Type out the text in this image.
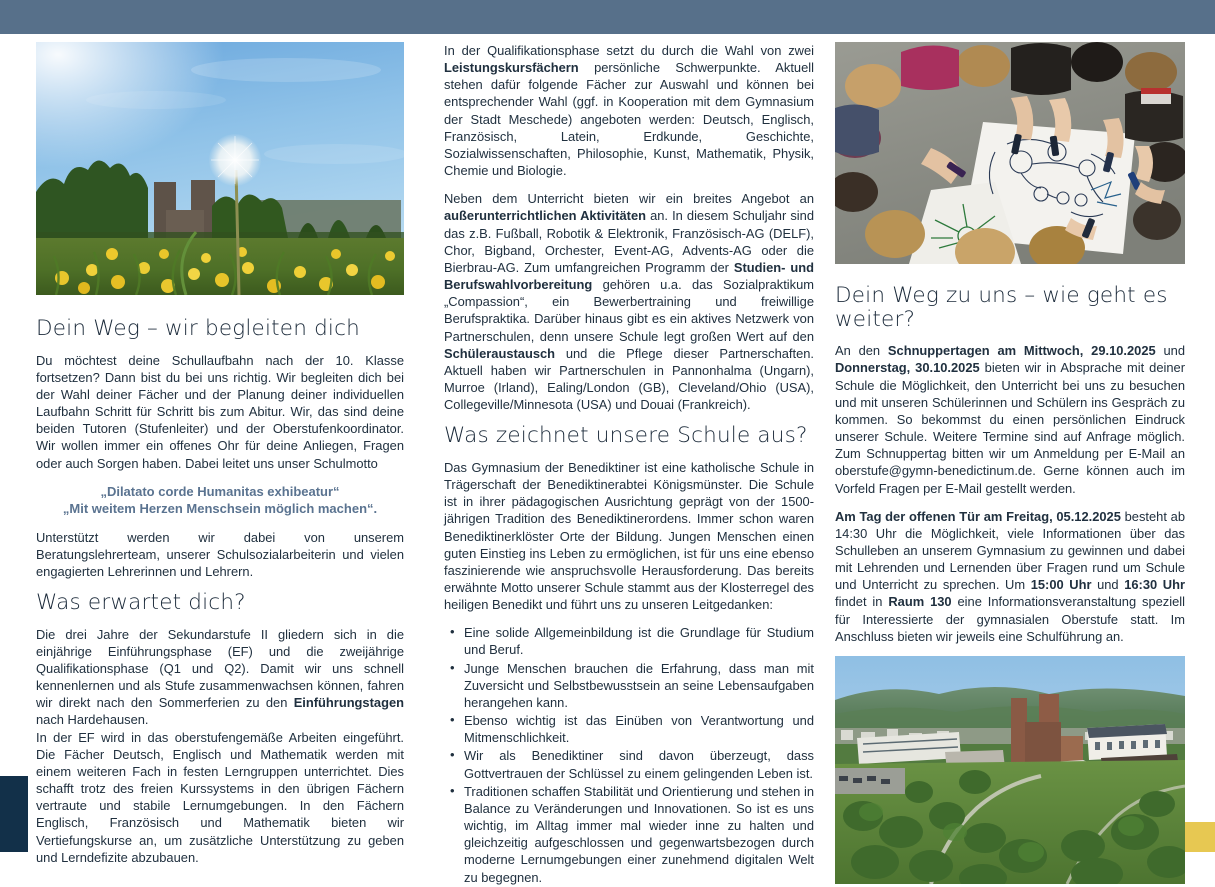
Dein Weg – wir begleiten dich

Du möchtest deine Schullaufbahn nach der 10. Klasse fortsetzen? Dann bist du bei uns richtig. Wir begleiten dich bei der Wahl deiner Fächer und der Planung deiner individuellen Laufbahn Schritt für Schritt bis zum Abitur. Wir, das sind deine beiden Tutoren (Stufenleiter) und der Oberstufenkoordinator. Wir wollen immer ein offenes Ohr für deine Anliegen, Fragen oder auch Sorgen haben. Dabei leitet uns unser Schulmotto

„Dilatato corde Humanitas exhibeatur“
„Mit weitem Herzen Menschsein möglich machen“.

Unterstützt werden wir dabei von unserem Beratungslehrerteam, unserer Schulsozialarbeiterin und vielen engagierten Lehrerinnen und Lehrern.

Was erwartet dich?

Die drei Jahre der Sekundarstufe II gliedern sich in die einjährige Einführungsphase (EF) und die zweijährige Qualifikationsphase (Q1 und Q2). Damit wir uns schnell kennenlernen und als Stufe zusammenwachsen können, fahren wir direkt nach den Sommerferien zu den Einführungstagen nach Hardehausen.

In der EF wird in das oberstufengemäße Arbeiten eingeführt. Die Fächer Deutsch, Englisch und Mathematik werden mit einem weiteren Fach in festen Lerngruppen unterrichtet. Dies schafft trotz des freien Kurssystems in den übrigen Fächern vertraute und stabile Lernumgebungen. In den Fächern Englisch, Französisch und Mathematik bieten wir Vertiefungskurse an, um zusätzliche Unterstützung zu geben und Lerndefizite abzubauen.

In der Qualifikationsphase setzt du durch die Wahl von zwei Leistungskursfächern persönliche Schwerpunkte. Aktuell stehen dafür folgende Fächer zur Auswahl und können bei entsprechender Wahl (ggf. in Kooperation mit dem Gymnasium der Stadt Meschede) angeboten werden: Deutsch, Englisch, Französisch, Latein, Erdkunde, Geschichte, Sozialwissenschaften, Philosophie, Kunst, Mathematik, Physik, Chemie und Biologie.

Neben dem Unterricht bieten wir ein breites Angebot an außerunterrichtlichen Aktivitäten an. In diesem Schuljahr sind das z.B. Fußball, Robotik & Elektronik, Französisch-AG (DELF), Chor, Bigband, Orchester, Event-AG, Advents-AG oder die Bierbrau-AG. Zum umfangreichen Programm der Studien- und Berufswahlvorbereitung gehören u.a. das Sozialpraktikum „Compassion“, ein Bewerbertraining und freiwillige Berufspraktika. Darüber hinaus gibt es ein aktives Netzwerk von Partnerschulen, denn unsere Schule legt großen Wert auf den Schüleraustausch und die Pflege dieser Partnerschaften. Aktuell haben wir Partnerschulen in Pannonhalma (Ungarn), Murroe (Irland), Ealing/London (GB), Cleveland/Ohio (USA), Collegeville/Minnesota (USA) und Douai (Frankreich).

Was zeichnet unsere Schule aus?

Das Gymnasium der Benediktiner ist eine katholische Schule in Trägerschaft der Benediktinerabtei Königsmünster. Die Schule ist in ihrer pädagogischen Ausrichtung geprägt von der 1500-jährigen Tradition des Benediktinerordens. Immer schon waren Benediktinerklöster Orte der Bildung. Jungen Menschen einen guten Einstieg ins Leben zu ermöglichen, ist für uns eine ebenso faszinierende wie anspruchsvolle Herausforderung. Das bereits erwähnte Motto unserer Schule stammt aus der Klosterregel des heiligen Benedikt und führt uns zu unseren Leitgedanken:

• Eine solide Allgemeinbildung ist die Grundlage für Studium und Beruf.
• Junge Menschen brauchen die Erfahrung, dass man mit Zuversicht und Selbstbewusstsein an seine Lebensaufgaben herangehen kann.
• Ebenso wichtig ist das Einüben von Verantwortung und Mitmenschlichkeit.
• Wir als Benediktiner sind davon überzeugt, dass Gottvertrauen der Schlüssel zu einem gelingenden Leben ist.
• Traditionen schaffen Stabilität und Orientierung und stehen in Balance zu Veränderungen und Innovationen. So ist es uns wichtig, im Alltag immer mal wieder inne zu halten und gleichzeitig aufgeschlossen und gegenwartsbezogen durch moderne Lernumgebungen einer zunehmend digitalen Welt zu begegnen.
Dein Weg zu uns – wie geht es weiter?

An den Schnuppertagen am Mittwoch, 29.10.2025 und Donnerstag, 30.10.2025 bieten wir in Absprache mit deiner Schule die Möglichkeit, den Unterricht bei uns zu besuchen und mit unseren Schülerinnen und Schülern ins Gespräch zu kommen. So bekommst du einen persönlichen Eindruck unserer Schule. Weitere Termine sind auf Anfrage möglich. Zum Schnuppertag bitten wir um Anmeldung per E-Mail an oberstufe@gymn-benedictinum.de. Gerne können auch im Vorfeld Fragen per E-Mail gestellt werden.

Am Tag der offenen Tür am Freitag, 05.12.2025 besteht ab 14:30 Uhr die Möglichkeit, viele Informationen über das Schulleben an unserem Gymnasium zu gewinnen und dabei mit Lehrenden und Lernenden über Fragen rund um Schule und Unterricht zu sprechen. Um 15:00 Uhr und 16:30 Uhr findet in Raum 130 eine Informationsveranstaltung speziell für Interessierte der gymnasialen Oberstufe statt. Im Anschluss bieten wir jeweils eine Schulführung an.
